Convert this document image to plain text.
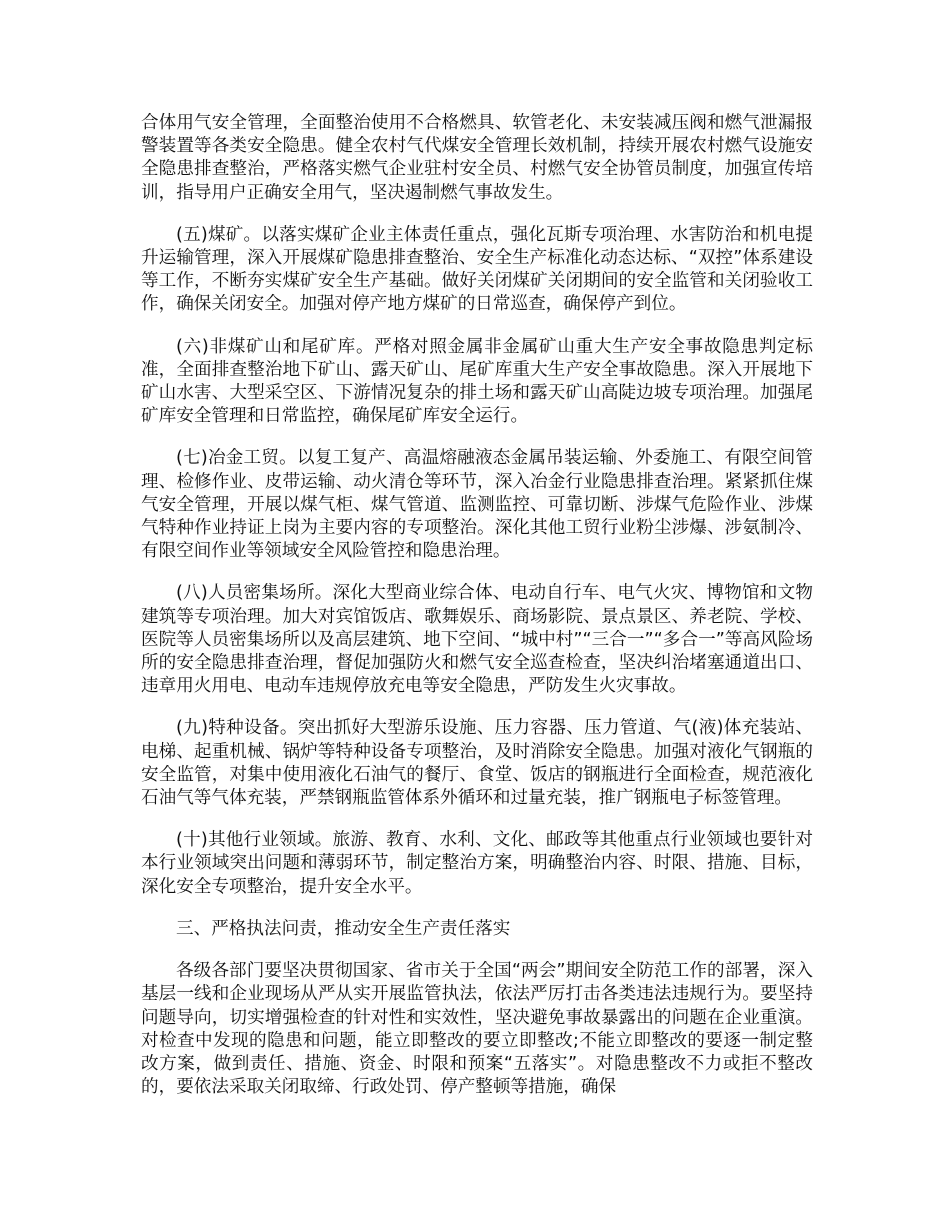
合体用气安全管理，全面整治使用不合格燃具、软管老化、未安装减压阀和燃气泄漏报警装置等各类安全隐患。健全农村气代煤安全管理长效机制，持续开展农村燃气设施安全隐患排查整治，严格落实燃气企业驻村安全员、村燃气安全协管员制度，加强宣传培训，指导用户正确安全用气，坚决遏制燃气事故发生。

(五)煤矿。以落实煤矿企业主体责任重点，强化瓦斯专项治理、水害防治和机电提升运输管理，深入开展煤矿隐患排查整治、安全生产标准化动态达标、“双控”体系建设等工作，不断夯实煤矿安全生产基础。做好关闭煤矿关闭期间的安全监管和关闭验收工作，确保关闭安全。加强对停产地方煤矿的日常巡查，确保停产到位。

(六)非煤矿山和尾矿库。严格对照金属非金属矿山重大生产安全事故隐患判定标准，全面排查整治地下矿山、露天矿山、尾矿库重大生产安全事故隐患。深入开展地下矿山水害、大型采空区、下游情况复杂的排土场和露天矿山高陡边坡专项治理。加强尾矿库安全管理和日常监控，确保尾矿库安全运行。

(七)冶金工贸。以复工复产、高温熔融液态金属吊装运输、外委施工、有限空间管理、检修作业、皮带运输、动火清仓等环节，深入冶金行业隐患排查治理。紧紧抓住煤气安全管理，开展以煤气柜、煤气管道、监测监控、可靠切断、涉煤气危险作业、涉煤气特种作业持证上岗为主要内容的专项整治。深化其他工贸行业粉尘涉爆、涉氨制冷、有限空间作业等领域安全风险管控和隐患治理。

(八)人员密集场所。深化大型商业综合体、电动自行车、电气火灾、博物馆和文物建筑等专项治理。加大对宾馆饭店、歌舞娱乐、商场影院、景点景区、养老院、学校、医院等人员密集场所以及高层建筑、地下空间、“城中村”“三合一”“多合一”等高风险场所的安全隐患排查治理，督促加强防火和燃气安全巡查检查，坚决纠治堵塞通道出口、违章用火用电、电动车违规停放充电等安全隐患，严防发生火灾事故。

(九)特种设备。突出抓好大型游乐设施、压力容器、压力管道、气(液)体充装站、电梯、起重机械、锅炉等特种设备专项整治，及时消除安全隐患。加强对液化气钢瓶的安全监管，对集中使用液化石油气的餐厅、食堂、饭店的钢瓶进行全面检查，规范液化石油气等气体充装，严禁钢瓶监管体系外循环和过量充装，推广钢瓶电子标签管理。

(十)其他行业领域。旅游、教育、水利、文化、邮政等其他重点行业领域也要针对本行业领域突出问题和薄弱环节，制定整治方案，明确整治内容、时限、措施、目标，深化安全专项整治，提升安全水平。

三、严格执法问责，推动安全生产责任落实

各级各部门要坚决贯彻国家、省市关于全国“两会”期间安全防范工作的部署，深入基层一线和企业现场从严从实开展监管执法，依法严厉打击各类违法违规行为。要坚持问题导向，切实增强检查的针对性和实效性，坚决避免事故暴露出的问题在企业重演。对检查中发现的隐患和问题，能立即整改的要立即整改;不能立即整改的要逐一制定整改方案，做到责任、措施、资金、时限和预案“五落实”。对隐患整改不力或拒不整改的，要依法采取关闭取缔、行政处罚、停产整顿等措施，确保
